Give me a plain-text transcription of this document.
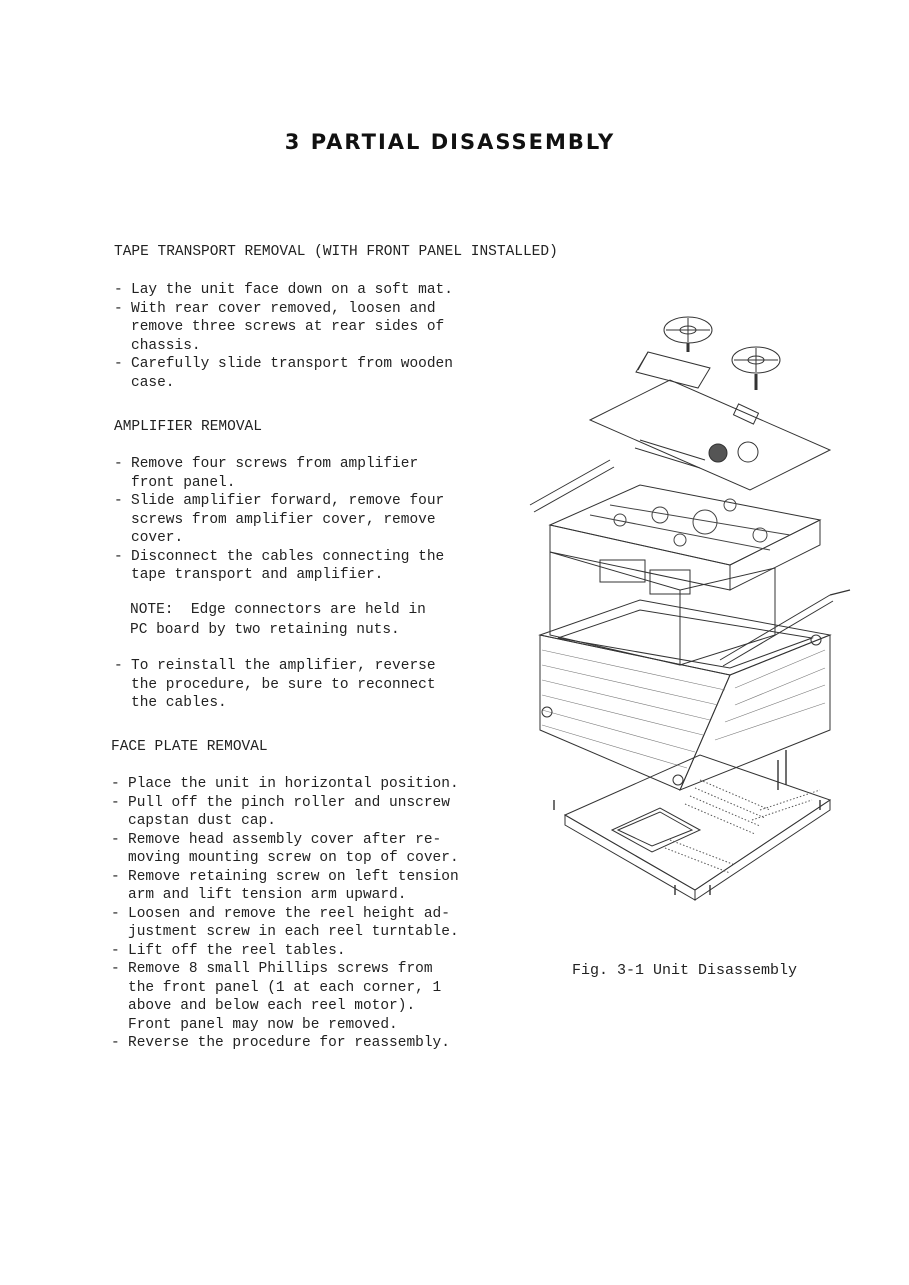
3 PARTIAL DISASSEMBLY
TAPE TRANSPORT REMOVAL (WITH FRONT PANEL INSTALLED)
- Lay the unit face down on a soft mat.
- With rear cover removed, loosen and
remove three screws at rear sides of
chassis.
- Carefully slide transport from wooden
case.
AMPLIFIER REMOVAL
- Remove four screws from amplifier
front panel.
- Slide amplifier forward, remove four
screws from amplifier cover, remove
cover.
- Disconnect the cables connecting the
tape transport and amplifier.
NOTE:  Edge connectors are held in
PC board by two retaining nuts.
- To reinstall the amplifier, reverse
the procedure, be sure to reconnect
the cables.
FACE PLATE REMOVAL
- Place the unit in horizontal position.
- Pull off the pinch roller and unscrew
capstan dust cap.
- Remove head assembly cover after re-
moving mounting screw on top of cover.
- Remove retaining screw on left tension
arm and lift tension arm upward.
- Loosen and remove the reel height ad-
justment screw in each reel turntable.
- Lift off the reel tables.
- Remove 8 small Phillips screws from
the front panel (1 at each corner, 1
above and below each reel motor).
Front panel may now be removed.
- Reverse the procedure for reassembly.
Fig. 3-1 Unit Disassembly
